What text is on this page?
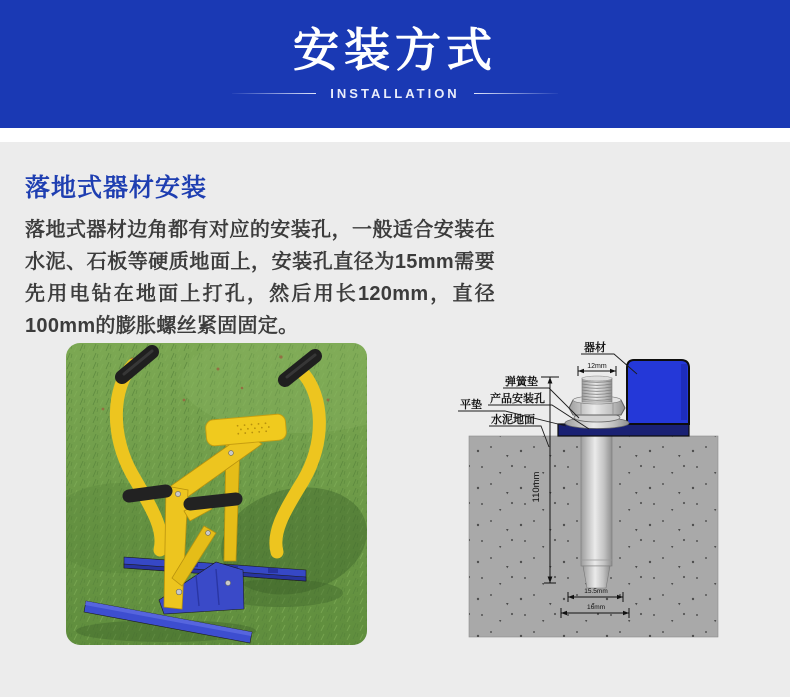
安装方式
INSTALLATION
落地式器材安装

落地式器材边角都有对应的安装孔，一般适合安装在水泥、石板等硬质地面上，安装孔直径为15mm需要先用电钻在地面上打孔，然后用长120mm，直径100mm的膨胀螺丝紧固固定。

12mm
110mm
15.5mm
16mm
器材
弹簧垫
产品安装孔
平垫
水泥地面
